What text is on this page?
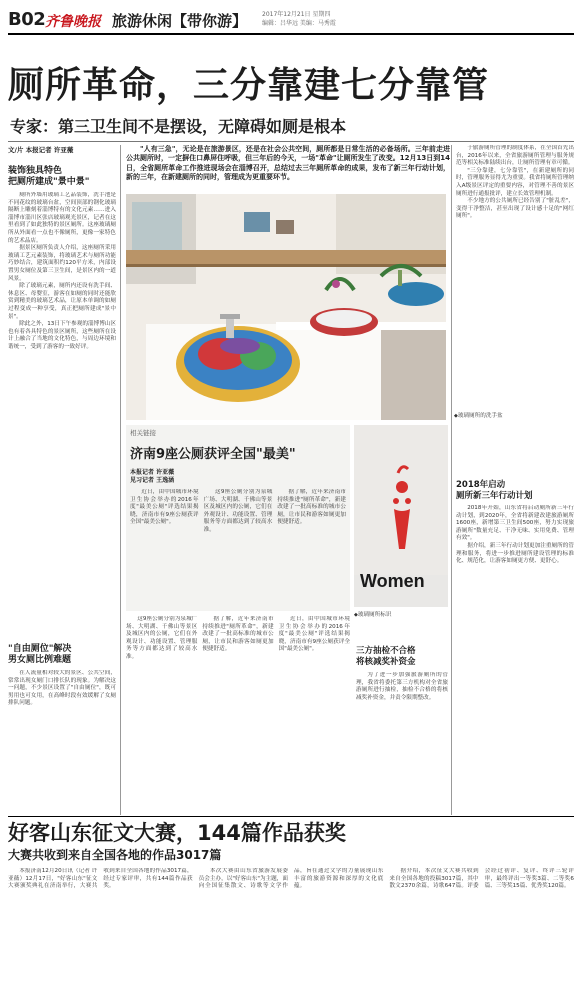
B02 齐鲁晚报 旅游休闲【带你游】 2017年12月21日 星期四
编辑：吕华远 美编：马秀霞
厕所革命，三分靠建七分靠管
专家：第三卫生间不是摆设，无障碍如厕是根本
文/片 本报记者 许亚薇
装饰独具特色
把厕所建成"景中景"

厕所外墙用玻璃工艺品装饰，洗手池是不同花纹的玻璃台盆，空间顶部的钢化玻璃隔断上雕刻着淄博特有的文化元素……进入淄博市淄川区张店玻璃观光景区，记者在这里看到了如此独特的景区厕所。这座玻璃厕所从外面看一点也不像厕所，更像一家特色的艺术品店。

据景区厕所负责人介绍，这座厕所采用玻璃工艺元素装饰，将玻璃艺术与厕所功能巧妙结合，建筑面积约120平方米，内部设置男女厕位及第三卫生间，是景区内的一道风景。

除了玻璃元素，厕所内还设有洗手间、休息区、母婴室，游客在如厕的同时还能欣赏到精美的玻璃艺术品，让原本单调的如厕过程变成一种享受，真正把厕所建成"景中景"。

除此之外，13日下午参观的淄博博山区也有着各具特色的景区厕所，这些厕所在设计上融合了当地的文化特色，与周边环境和谐统一，受到了游客的一致好评。

"自由厕位"解决
男女厕比例难题

在人流量相对较大的景区、公共空间，常常出现女厕门口排长队的现象。为解决这一问题，不少景区设置了"自由厕位"，既可男用也可女用，在高峰时段有效缓解了女厕排队问题。

"人有三急"，无论是在旅游景区，还是在社会公共空间，厕所都是日常生活的必备场所。三年前走进公共厕所时，一定摒住口鼻屏住呼吸，但三年后的今天，一场"革命"让厕所发生了改变。12月13日到14日，全省厕所革命工作推进现场会在淄博召开，总结过去三年厕所革命的成果，发布了新三年行动计划，新的三年，在新建厕所的同时，管理成为更重要环节。
◆玻璃厕所的洗手盆

于旅游厕所管理的制度体系，在全国首先出台，2016年以来，全省旅游厕所管理与服务规范等相关标准陆续出台，让厕所管理有章可循。

"三分靠建，七分靠管"，在新建厕所的同时，管理服务显得尤为重要。我省将厕所管理纳入A级景区评定的重要内容，对管理不善的景区厕所进行通报批评，建立长效管理机制。

不少地方的公共厕所已经告别了"脏乱差"，变得干净整洁，甚至出现了设计感十足的"网红厕所"。

2018年启动
厕所新三年行动计划

2018年开始，山东省将启动厕所新三年行动计划，到2020年，全省将新建改建旅游厕所1600座，新增第三卫生间500座，努力实现旅游厕所"数量充足、干净无味、实用免费、管理有效"。

据介绍，新三年行动计划更加注重厕所的管理和服务，将进一步推进厕所建设管理的标准化、规范化，让游客如厕更方便、更舒心。

相关链接
济南9座公厕获评全国"最美"
本报记者 许亚薇
见习记者 王逸涵

近日，由中国城市环境卫生协会举办的2016年度"最美公厕"评选结果揭晓，济南市有9座公厕获评全国"最美公厕"。

这9座公厕分别为泉城广场、大明湖、千佛山等景区及城区内的公厕，它们在外观设计、功能设置、管理服务等方面都达到了较高水准。

据了解，近年来济南市持续推进"厕所革命"，新建改建了一批高标准的城市公厕，让市民和游客如厕更加便捷舒适。

Women
◆玻璃厕所标识

这9座公厕分别为泉城广场、大明湖、千佛山等景区及城区内的公厕，它们在外观设计、功能设置、管理服务等方面都达到了较高水准。

据了解，近年来济南市持续推进"厕所革命"，新建改建了一批高标准的城市公厕，让市民和游客如厕更加便捷舒适。

近日，由中国城市环境卫生协会举办的2016年度"最美公厕"评选结果揭晓，济南市有9座公厕获评全国"最美公厕"。	三方抽检不合格
将核减奖补资金

为了进一步加强旅游厕所的管理，我省将委托第三方机构对全省旅游厕所进行抽检，抽检不合格的将核减奖补资金，并责令限期整改。

好客山东征文大赛，144篇作品获奖
大赛共收到来自全国各地的作品3017篇

本报济南12月20日讯（记者 许亚薇）12月17日，"好客山东"征文大赛颁奖典礼在济南举行，大赛共收到来自全国各地的作品3017篇，经过专家评审，共有144篇作品获奖。

本次大赛由山东省旅游发展委员会主办，以"好客山东"为主题，面向全国征集散文、诗歌等文学作品，旨在通过文学的力量展现山东丰富的旅游资源和深厚的文化底蕴。

据介绍，本次征文大赛共收到来自全国各地的投稿3017篇，其中散文2370余篇，诗歌647篇。评委会经过初评、复评、终评三轮评审，最终评出一等奖3篇、二等奖6篇、三等奖15篇、优秀奖120篇。
